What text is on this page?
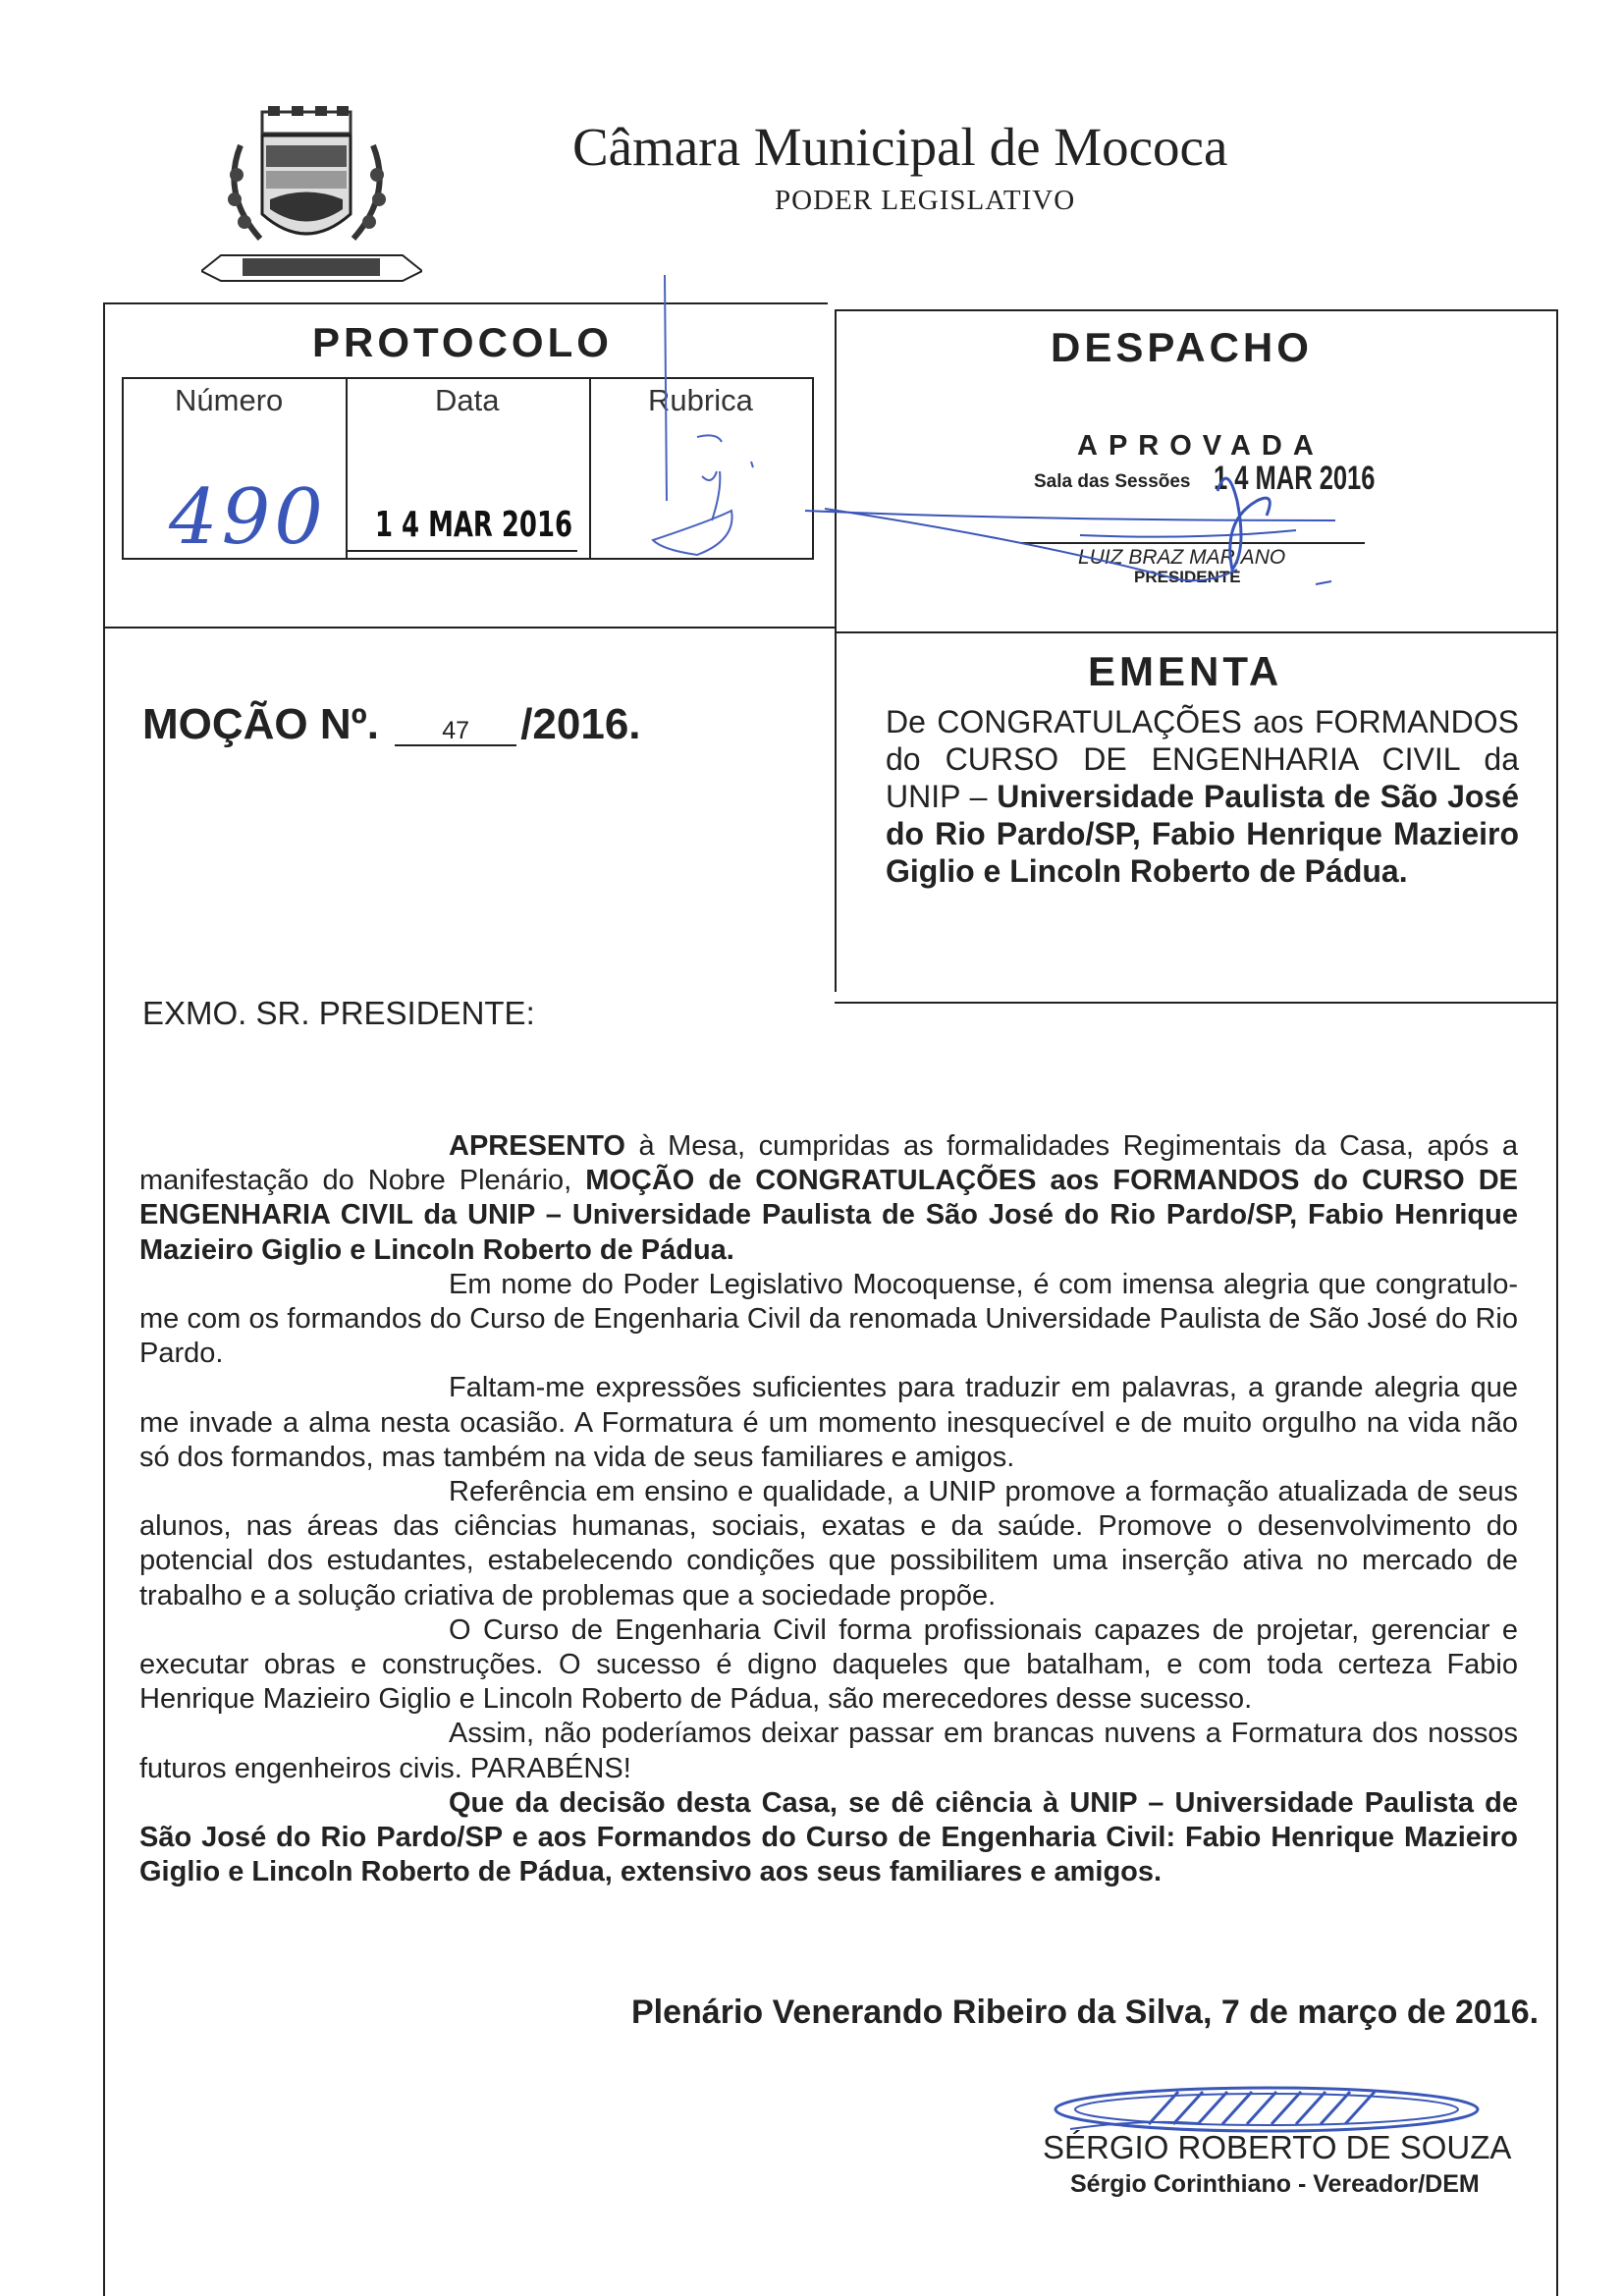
Câmara Municipal de Mococa
PODER LEGISLATIVO
PROTOCOLO
Número	Data	Rubrica
490 1 4 MAR 2016
DESPACHO
APROVADA
Sala das Sessões 1 4 MAR 2016
LUIZ BRAZ MARIANO
PRESIDENTE
EMENTA
De CONGRATULAÇÕES aos FORMANDOS do CURSO DE ENGENHARIA CIVIL da UNIP – Universidade Paulista de São José do Rio Pardo/SP, Fabio Henrique Mazieiro Giglio e Lincoln Roberto de Pádua.
MOÇÃO Nº.	47 /2016.
EXMO. SR. PRESIDENTE:

APRESENTO à Mesa, cumpridas as formalidades Regimentais da Casa, após a manifestação do Nobre Plenário, MOÇÃO de CONGRATULAÇÕES aos FORMANDOS do CURSO DE ENGENHARIA CIVIL da UNIP – Universidade Paulista de São José do Rio Pardo/SP, Fabio Henrique Mazieiro Giglio e Lincoln Roberto de Pádua.

Em nome do Poder Legislativo Mocoquense, é com imensa alegria que congratulo-me com os formandos do Curso de Engenharia Civil da renomada Universidade Paulista de São José do Rio Pardo.

Faltam-me expressões suficientes para traduzir em palavras, a grande alegria que me invade a alma nesta ocasião. A Formatura é um momento inesquecível e de muito orgulho na vida não só dos formandos, mas também na vida de seus familiares e amigos.

Referência em ensino e qualidade, a UNIP promove a formação atualizada de seus alunos, nas áreas das ciências humanas, sociais, exatas e da saúde. Promove o desenvolvimento do potencial dos estudantes, estabelecendo condições que possibilitem uma inserção ativa no mercado de trabalho e a solução criativa de problemas que a sociedade propõe.

O Curso de Engenharia Civil forma profissionais capazes de projetar, gerenciar e executar obras e construções. O sucesso é digno daqueles que batalham, e com toda certeza Fabio Henrique Mazieiro Giglio e Lincoln Roberto de Pádua, são merecedores desse sucesso.

Assim, não poderíamos deixar passar em brancas nuvens a Formatura dos nossos futuros engenheiros civis. PARABÉNS!

Que da decisão desta Casa, se dê ciência à UNIP – Universidade Paulista de São José do Rio Pardo/SP e aos Formandos do Curso de Engenharia Civil: Fabio Henrique Mazieiro Giglio e Lincoln Roberto de Pádua, extensivo aos seus familiares e amigos.

Plenário Venerando Ribeiro da Silva, 7 de março de 2016.
SÉRGIO ROBERTO DE SOUZA
Sérgio Corinthiano - Vereador/DEM
